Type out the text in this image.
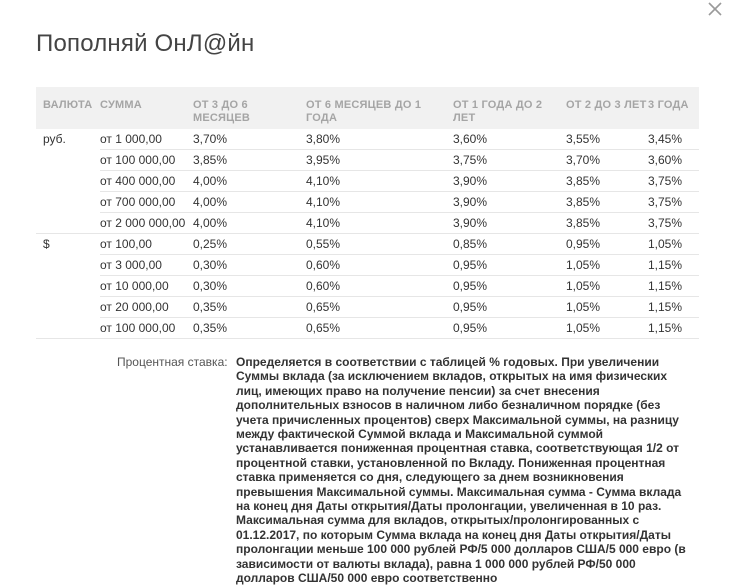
Пополняй ОнЛ@йн
ВАЛЮТА	СУММА	ОТ 3 ДО 6 МЕСЯЦЕВ	ОТ 6 МЕСЯЦЕВ ДО 1 ГОДА	ОТ 1 ГОДА ДО 2 ЛЕТ	ОТ 2 ДО 3 ЛЕТ	3 ГОДА
руб.	от 1 000,00	3,70%	3,80%	3,60%	3,55%	3,45%
	от 100 000,00	3,85%	3,95%	3,75%	3,70%	3,60%
	от 400 000,00	4,00%	4,10%	3,90%	3,85%	3,75%
	от 700 000,00	4,00%	4,10%	3,90%	3,85%	3,75%
	от 2 000 000,00	4,00%	4,10%	3,90%	3,85%	3,75%
$	от 100,00	0,25%	0,55%	0,85%	0,95%	1,05%
	от 3 000,00	0,30%	0,60%	0,95%	1,05%	1,15%
	от 10 000,00	0,30%	0,60%	0,95%	1,05%	1,15%
	от 20 000,00	0,35%	0,65%	0,95%	1,05%	1,15%
	от 100 000,00	0,35%	0,65%	0,95%	1,05%	1,15%
Процентная ставка: Определяется в соответствии с таблицей % годовых. При увеличении Суммы вклада (за исключением вкладов, открытых на имя физических лиц, имеющих право на получение пенсии) за счет внесения дополнительных взносов в наличном либо безналичном порядке (без учета причисленных процентов) сверх Максимальной суммы, на разницу между фактической Суммой вклада и Максимальной суммой устанавливается пониженная процентная ставка, соответствующая 1/2 от процентной ставки, установленной по Вкладу. Пониженная процентная ставка применяется со дня, следующего за днем возникновения превышения Максимальной суммы. Максимальная сумма - Сумма вклада на конец дня Даты открытия/Даты пролонгации, увеличенная в 10 раз. Максимальная сумма для вкладов, открытых/пролонгированных с 01.12.2017, по которым Сумма вклада на конец дня Даты открытия/Даты пролонгации меньше 100 000 рублей РФ/5 000 долларов США/5 000 евро (в зависимости от валюты вклада), равна 1 000 000 рублей РФ/50 000 долларов США/50 000 евро соответственно
